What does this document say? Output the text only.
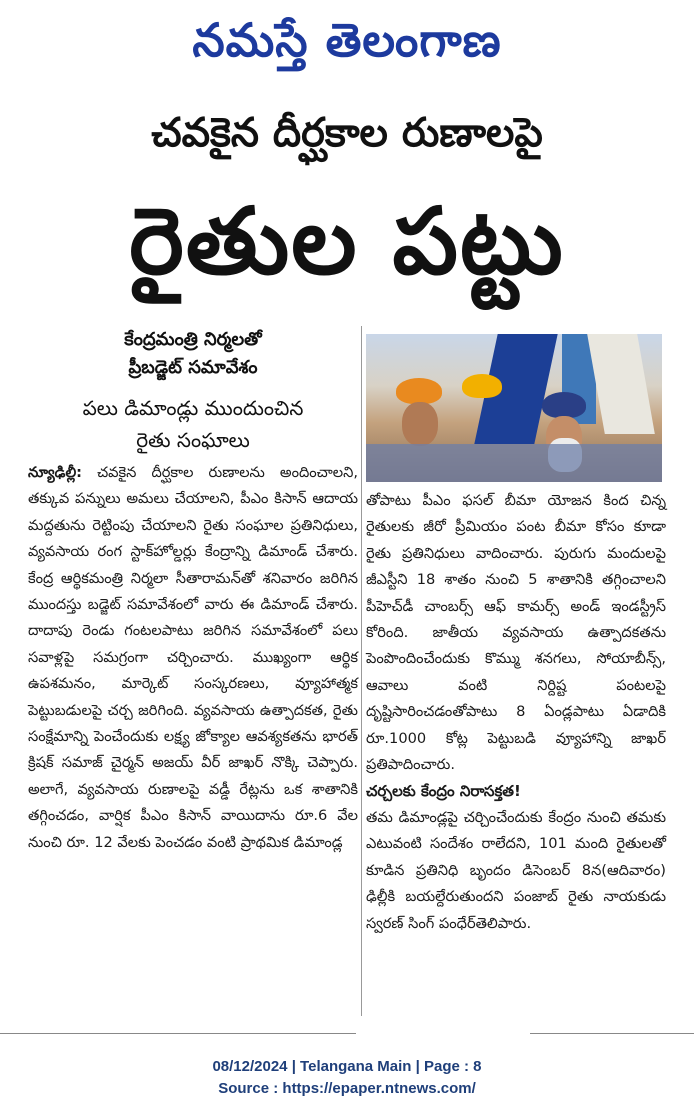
నమస్తే తెలంగాణ
చవకైన దీర్ఘకాల రుణాలపై
రైతుల పట్టు
కేంద్రమంత్రి నిర్మలతో
ప్రీబడ్జెట్ సమావేశం
పలు డిమాండ్లు ముందుంచిన
రైతు సంఘాలు

న్యూఢిల్లీ: చవకైన దీర్ఘకాల రుణాలను అందించాలని, తక్కువ పన్నులు అమలు చేయాలని, పీఎం కిసాన్ ఆదాయ మద్దతును రెట్టింపు చేయాలని రైతు సంఘాల ప్రతినిధులు, వ్యవసాయ రంగ స్టాక్‌హోల్డర్లు కేంద్రాన్ని డిమాండ్ చేశారు. కేంద్ర ఆర్థికమంత్రి నిర్మలా సీతారామన్‌తో శనివారం జరిగిన ముందస్తు బడ్జెట్ సమావేశంలో వారు ఈ డిమాండ్ చేశారు. దాదాపు రెండు గంటలపాటు జరిగిన సమావేశంలో పలు సవాళ్లపై సమగ్రంగా చర్చించారు. ముఖ్యంగా ఆర్థిక ఉపశమనం, మార్కెట్ సంస్కరణలు, వ్యూహాత్మక పెట్టుబడులపై చర్చ జరిగింది. వ్యవసాయ ఉత్పాదకత, రైతు సంక్షేమాన్ని పెంచేందుకు లక్ష్య జోక్యాల ఆవశ్యకతను భారత్ క్రిషక్ సమాజ్ చైర్మన్ అజయ్ వీర్ జాఖర్ నొక్కి చెప్పారు. అలాగే, వ్యవసాయ రుణాలపై వడ్డీ రేట్లను ఒక శాతానికి తగ్గించడం, వార్షిక పీఎం కిసాన్ వాయిదాను రూ.6 వేల నుంచి రూ. 12 వేలకు పెంచడం వంటి ప్రాథమిక డిమాండ్ల

తోపాటు పీఎం ఫసల్ బీమా యోజన కింద చిన్న రైతులకు జీరో ప్రీమియం పంట బీమా కోసం కూడా రైతు ప్రతినిధులు వాదించారు. పురుగు మందులపై జీఎస్టీని 18 శాతం నుంచి 5 శాతానికి తగ్గించాలని పీహెచ్‌డీ చాంబర్స్ ఆఫ్ కామర్స్ అండ్ ఇండస్ట్రీస్ కోరింది. జాతీయ వ్యవసాయ ఉత్పాదకతను పెంపొందించేందుకు కొమ్ము శనగలు, సోయాబీన్స్, ఆవాలు వంటి నిర్దిష్ట పంటలపై దృష్టిసారించడంతోపాటు 8 ఏండ్లపాటు ఏడాదికి రూ.1000 కోట్ల పెట్టుబడి వ్యూహాన్ని జాఖర్ ప్రతిపాదించారు.

చర్చలకు కేంద్రం నిరాసక్తత!

తమ డిమాండ్లపై చర్చించేందుకు కేంద్రం నుంచి తమకు ఎటువంటి సందేశం రాలేదని, 101 మంది రైతులతో కూడిన ప్రతినిధి బృందం డిసెంబర్ 8న(ఆదివారం) ఢిల్లీకి బయల్దేరుతుందని పంజాబ్ రైతు నాయకుడు స్వరణ్ సింగ్ పంధేర్‌తెలిపారు.

08/12/2024 | Telangana Main | Page : 8
Source : https://epaper.ntnews.com/
